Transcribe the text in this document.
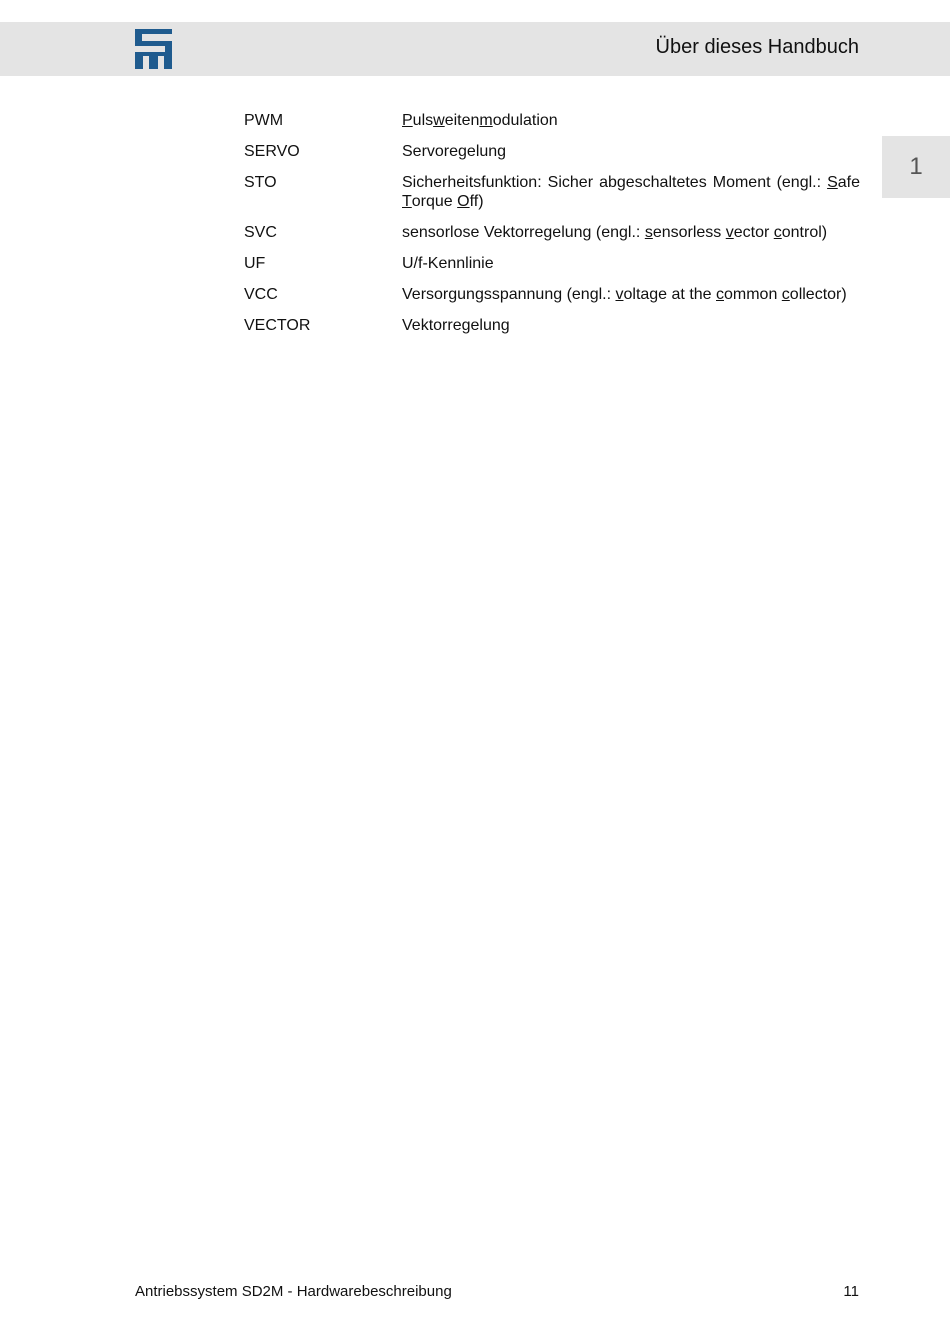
Über dieses Handbuch
1
PWM	Pulsweitenmodulation
SERVO	Servoregelung
STO	Sicherheitsfunktion: Sicher abgeschaltetes Moment (engl.: Safe Torque Off)
SVC	sensorlose Vektorregelung (engl.: sensorless vector control)
UF	U/f-Kennlinie
VCC	Versorgungsspannung (engl.: voltage at the common collector)
VECTOR	Vektorregelung
Antriebssystem SD2M - Hardwarebeschreibung	11
